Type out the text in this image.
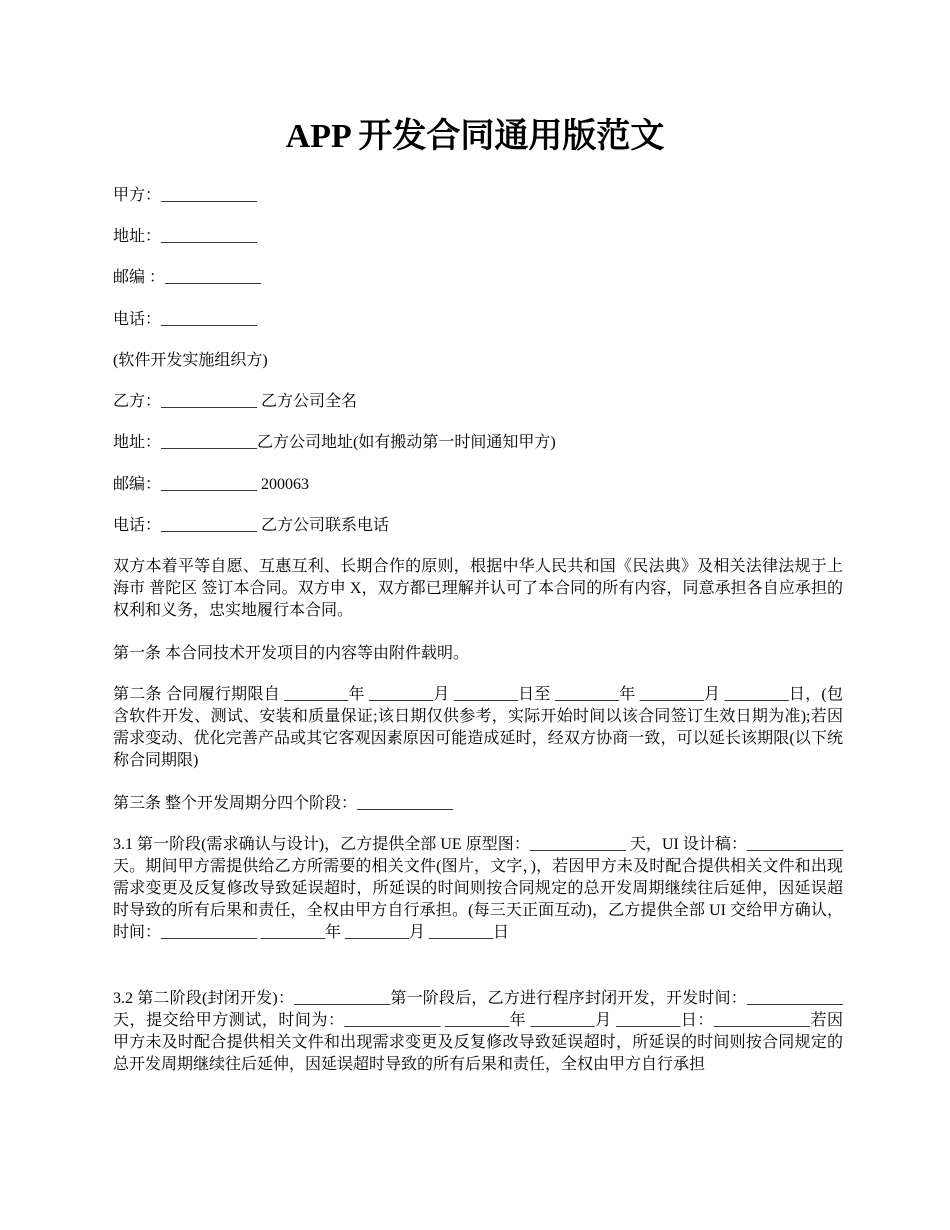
APP 开发合同通用版范文

甲方：____________

地址：____________

邮编 ：____________

电话：____________

(软件开发实施组织方)

乙方：____________ 乙方公司全名

地址：____________乙方公司地址(如有搬动第一时间通知甲方)

邮编：____________ 200063

电话：____________ 乙方公司联系电话

双方本着平等自愿、互惠互利、长期合作的原则，根据中华人民共和国《民法典》及相关法律法规于上海市 普陀区 签订本合同。双方申 X，双方都已理解并认可了本合同的所有内容，同意承担各自应承担的权利和义务，忠实地履行本合同。

第一条 本合同技术开发项目的内容等由附件载明。

第二条 合同履行期限自 ________年 ________月 ________日至 ________年 ________月 ________日，(包含软件开发、测试、安装和质量保证;该日期仅供参考，实际开始时间以该合同签订生效日期为准);若因需求变动、优化完善产品或其它客观因素原因可能造成延时，经双方协商一致，可以延长该期限(以下统称合同期限)

第三条 整个开发周期分四个阶段：____________

3.1 第一阶段(需求确认与设计)，乙方提供全部 UE 原型图：____________ 天，UI 设计稿：____________ 天。期间甲方需提供给乙方所需要的相关文件(图片，文字，)，若因甲方未及时配合提供相关文件和出现需求变更及反复修改导致延误超时，所延误的时间则按合同规定的总开发周期继续往后延伸，因延误超时导致的所有后果和责任，全权由甲方自行承担。(每三天正面互动)，乙方提供全部 UI 交给甲方确认，时间：____________ ________年 ________月 ________日

3.2 第二阶段(封闭开发)：____________第一阶段后，乙方进行程序封闭开发，开发时间：____________ 天，提交给甲方测试，时间为：____________ ________年 ________月 ________日：____________若因甲方未及时配合提供相关文件和出现需求变更及反复修改导致延误超时，所延误的时间则按合同规定的总开发周期继续往后延伸，因延误超时导致的所有后果和责任，全权由甲方自行承担
